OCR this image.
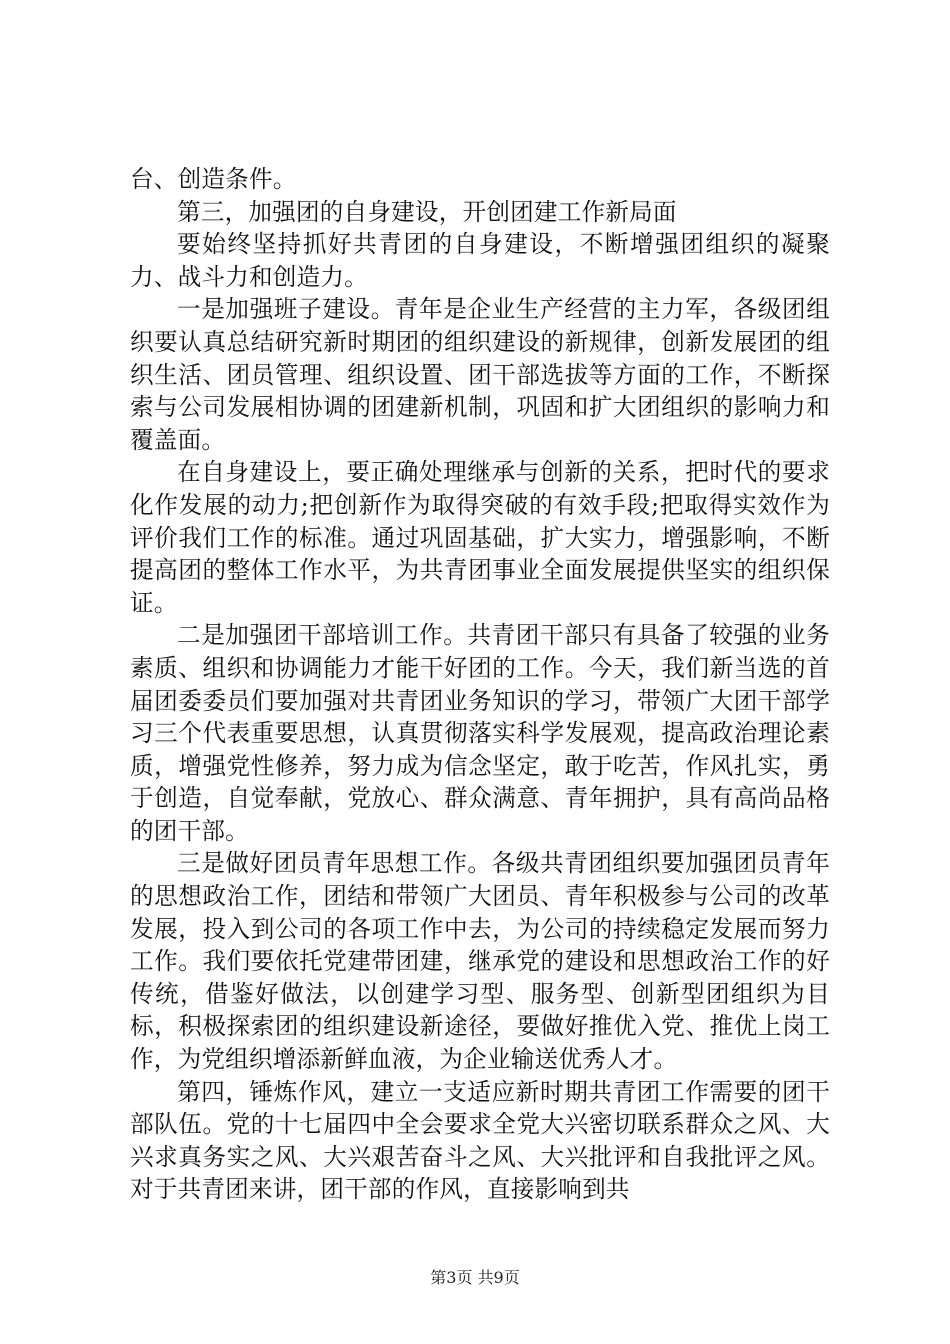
台、创造条件。

第三，加强团的自身建设，开创团建工作新局面

要始终坚持抓好共青团的自身建设，不断增强团组织的凝聚力、战斗力和创造力。

一是加强班子建设。青年是企业生产经营的主力军，各级团组织要认真总结研究新时期团的组织建设的新规律，创新发展团的组织生活、团员管理、组织设置、团干部选拔等方面的工作，不断探索与公司发展相协调的团建新机制，巩固和扩大团组织的影响力和覆盖面。

在自身建设上，要正确处理继承与创新的关系，把时代的要求化作发展的动力;把创新作为取得突破的有效手段;把取得实效作为评价我们工作的标准。通过巩固基础，扩大实力，增强影响，不断提高团的整体工作水平，为共青团事业全面发展提供坚实的组织保证。

二是加强团干部培训工作。共青团干部只有具备了较强的业务素质、组织和协调能力才能干好团的工作。今天，我们新当选的首届团委委员们要加强对共青团业务知识的学习，带领广大团干部学习三个代表重要思想，认真贯彻落实科学发展观，提高政治理论素质，增强党性修养，努力成为信念坚定，敢于吃苦，作风扎实，勇于创造，自觉奉献，党放心、群众满意、青年拥护，具有高尚品格的团干部。

三是做好团员青年思想工作。各级共青团组织要加强团员青年的思想政治工作，团结和带领广大团员、青年积极参与公司的改革发展，投入到公司的各项工作中去，为公司的持续稳定发展而努力工作。我们要依托党建带团建，继承党的建设和思想政治工作的好传统，借鉴好做法，以创建学习型、服务型、创新型团组织为目标，积极探索团的组织建设新途径，要做好推优入党、推优上岗工作，为党组织增添新鲜血液，为企业输送优秀人才。

第四，锤炼作风，建立一支适应新时期共青团工作需要的团干部队伍。党的十七届四中全会要求全党大兴密切联系群众之风、大兴求真务实之风、大兴艰苦奋斗之风、大兴批评和自我批评之风。对于共青团来讲，团干部的作风，直接影响到共

第3页 共9页
